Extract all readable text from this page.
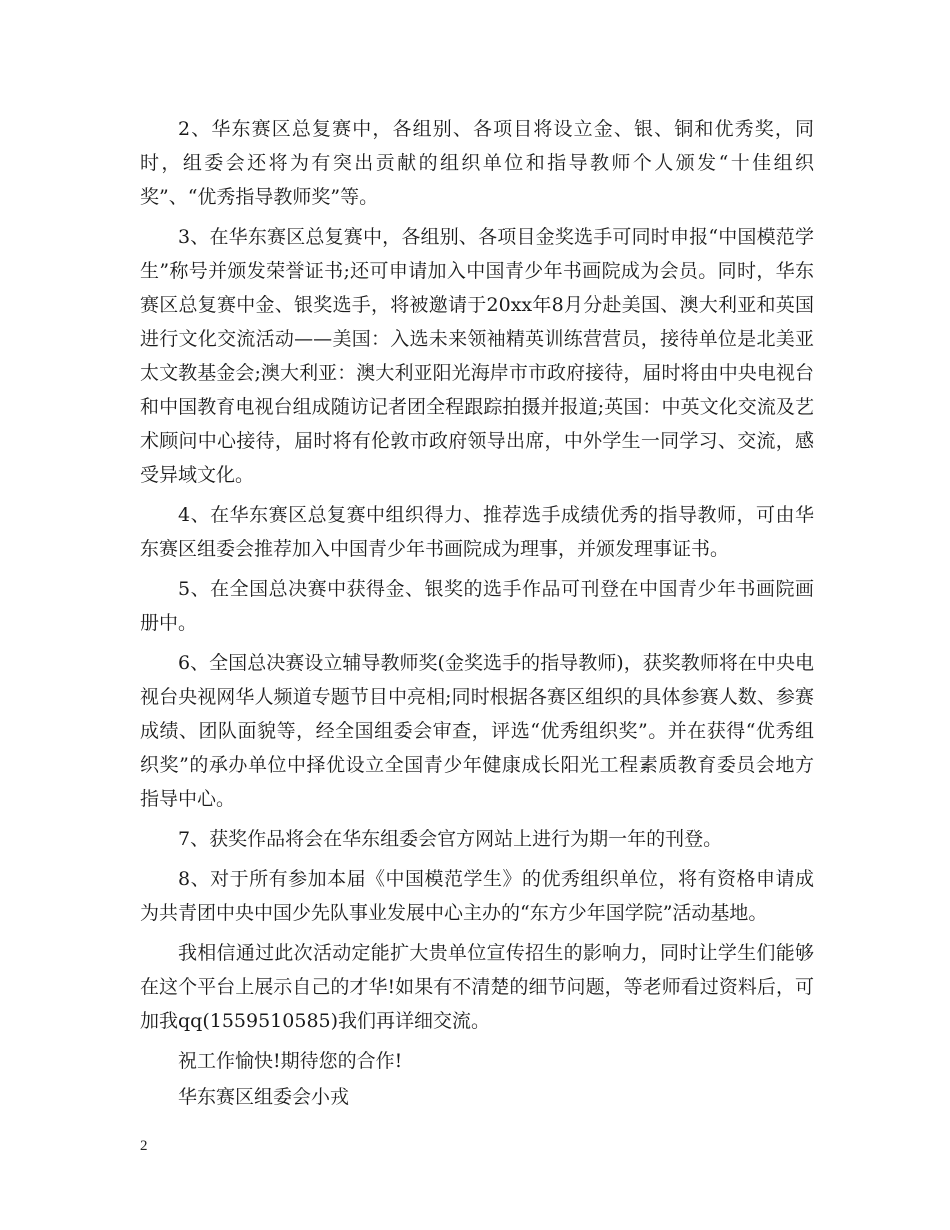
2、华东赛区总复赛中，各组别、各项目将设立金、银、铜和优秀奖，同时，组委会还将为有突出贡献的组织单位和指导教师个人颁发“十佳组织奖”、“优秀指导教师奖”等。

3、在华东赛区总复赛中，各组别、各项目金奖选手可同时申报“中国模范学生”称号并颁发荣誉证书;还可申请加入中国青少年书画院成为会员。同时，华东赛区总复赛中金、银奖选手，将被邀请于20xx年8月分赴美国、澳大利亚和英国进行文化交流活动——美国：入选未来领袖精英训练营营员，接待单位是北美亚太文教基金会;澳大利亚：澳大利亚阳光海岸市市政府接待，届时将由中央电视台和中国教育电视台组成随访记者团全程跟踪拍摄并报道;英国：中英文化交流及艺术顾问中心接待，届时将有伦敦市政府领导出席，中外学生一同学习、交流，感受异域文化。

4、在华东赛区总复赛中组织得力、推荐选手成绩优秀的指导教师，可由华东赛区组委会推荐加入中国青少年书画院成为理事，并颁发理事证书。

5、在全国总决赛中获得金、银奖的选手作品可刊登在中国青少年书画院画册中。

6、全国总决赛设立辅导教师奖(金奖选手的指导教师)，获奖教师将在中央电视台央视网华人频道专题节目中亮相;同时根据各赛区组织的具体参赛人数、参赛成绩、团队面貌等，经全国组委会审查，评选“优秀组织奖”。并在获得“优秀组织奖”的承办单位中择优设立全国青少年健康成长阳光工程素质教育委员会地方指导中心。

7、获奖作品将会在华东组委会官方网站上进行为期一年的刊登。

8、对于所有参加本届《中国模范学生》的优秀组织单位，将有资格申请成为共青团中央中国少先队事业发展中心主办的“东方少年国学院”活动基地。

我相信通过此次活动定能扩大贵单位宣传招生的影响力，同时让学生们能够在这个平台上展示自己的才华!如果有不清楚的细节问题，等老师看过资料后，可加我qq(1559510585)我们再详细交流。

祝工作愉快!期待您的合作!

华东赛区组委会小戎

2
